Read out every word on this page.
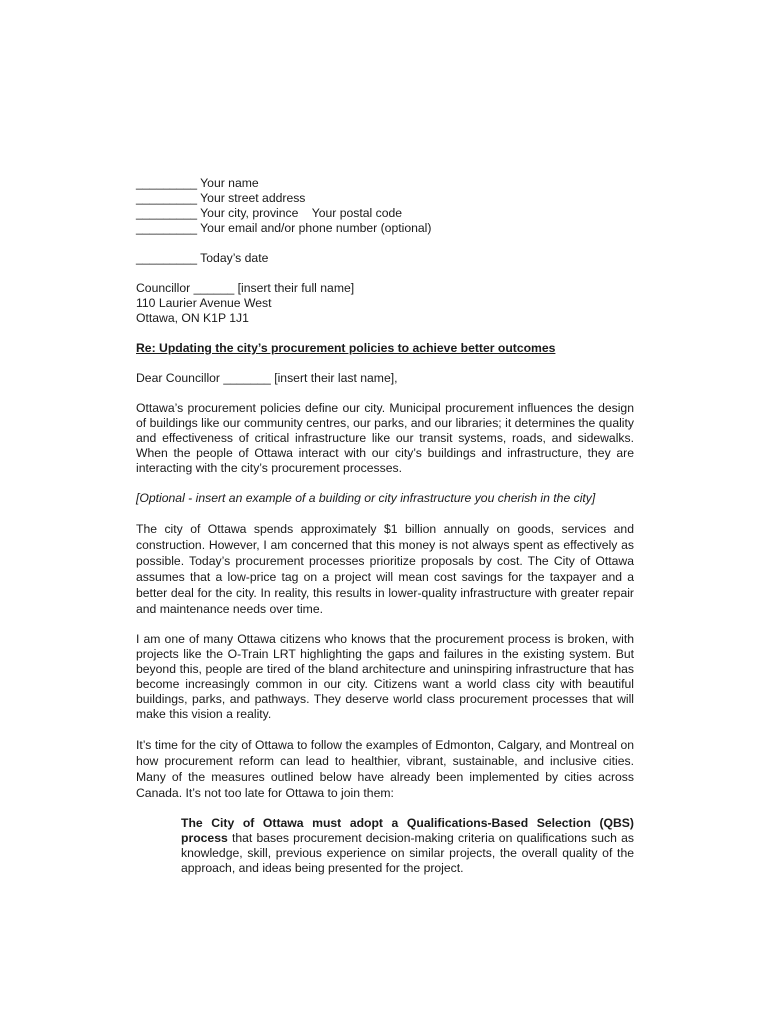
_________ Your name
_________ Your street address
_________ Your city, province    Your postal code
_________ Your email and/or phone number (optional)
_________ Today’s date
Councillor ______ [insert their full name]
110 Laurier Avenue West
Ottawa, ON K1P 1J1
Re: Updating the city’s procurement policies to achieve better outcomes
Dear Councillor _______ [insert their last name],

Ottawa’s procurement policies define our city. Municipal procurement influences the design of buildings like our community centres, our parks, and our libraries; it determines the quality and effectiveness of critical infrastructure like our transit systems, roads, and sidewalks. When the people of Ottawa interact with our city’s buildings and infrastructure, they are interacting with the city’s procurement processes.

[Optional - insert an example of a building or city infrastructure you cherish in the city]

The city of Ottawa spends approximately $1 billion annually on goods, services and construction. However, I am concerned that this money is not always spent as effectively as possible. Today’s procurement processes prioritize proposals by cost. The City of Ottawa assumes that a low-price tag on a project will mean cost savings for the taxpayer and a better deal for the city. In reality, this results in lower-quality infrastructure with greater repair and maintenance needs over time.

I am one of many Ottawa citizens who knows that the procurement process is broken, with projects like the O-Train LRT highlighting the gaps and failures in the existing system. But beyond this, people are tired of the bland architecture and uninspiring infrastructure that has become increasingly common in our city. Citizens want a world class city with beautiful buildings, parks, and pathways. They deserve world class procurement processes that will make this vision a reality.

It’s time for the city of Ottawa to follow the examples of Edmonton, Calgary, and Montreal on how procurement reform can lead to healthier, vibrant, sustainable, and inclusive cities. Many of the measures outlined below have already been implemented by cities across Canada. It’s not too late for Ottawa to join them:

The City of Ottawa must adopt a Qualifications-Based Selection (QBS) process that bases procurement decision-making criteria on qualifications such as knowledge, skill, previous experience on similar projects, the overall quality of the approach, and ideas being presented for the project.
